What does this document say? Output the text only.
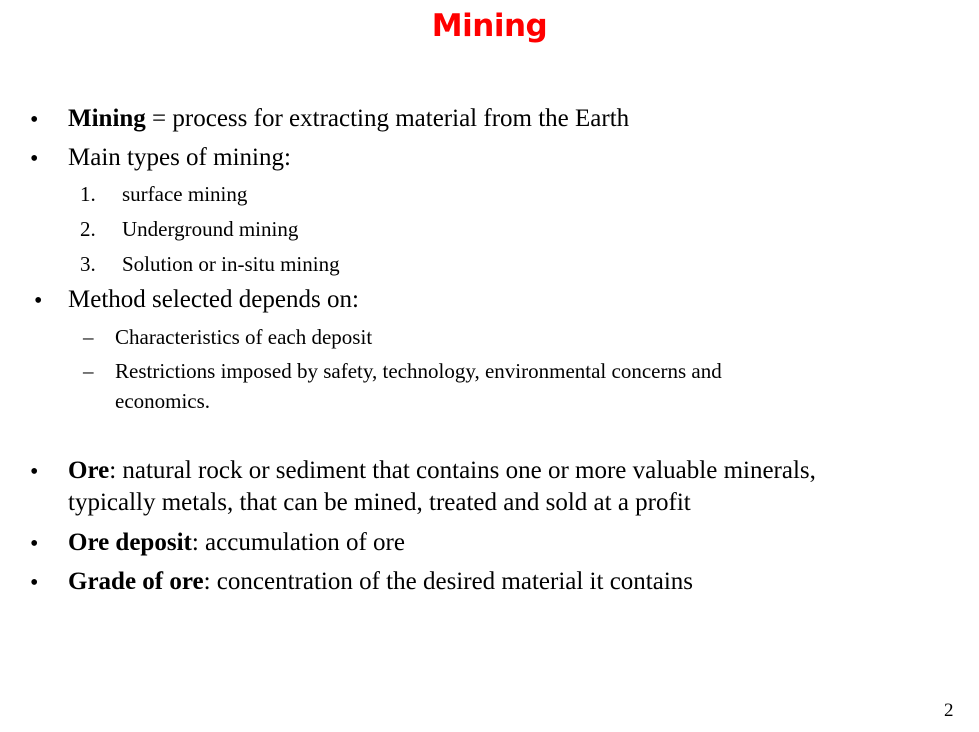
Mining
• Mining = process for extracting material from the Earth
• Main types of mining:
1. surface mining
2. Underground mining
3. Solution or in-situ mining
• Method selected depends on:
– Characteristics of each deposit
– Restrictions imposed by safety, technology, environmental concerns and
economics.
• Ore: natural rock or sediment that contains one or more valuable minerals,
typically metals, that can be mined, treated and sold at a profit
• Ore deposit: accumulation of ore
• Grade of ore: concentration of the desired material it contains
2
